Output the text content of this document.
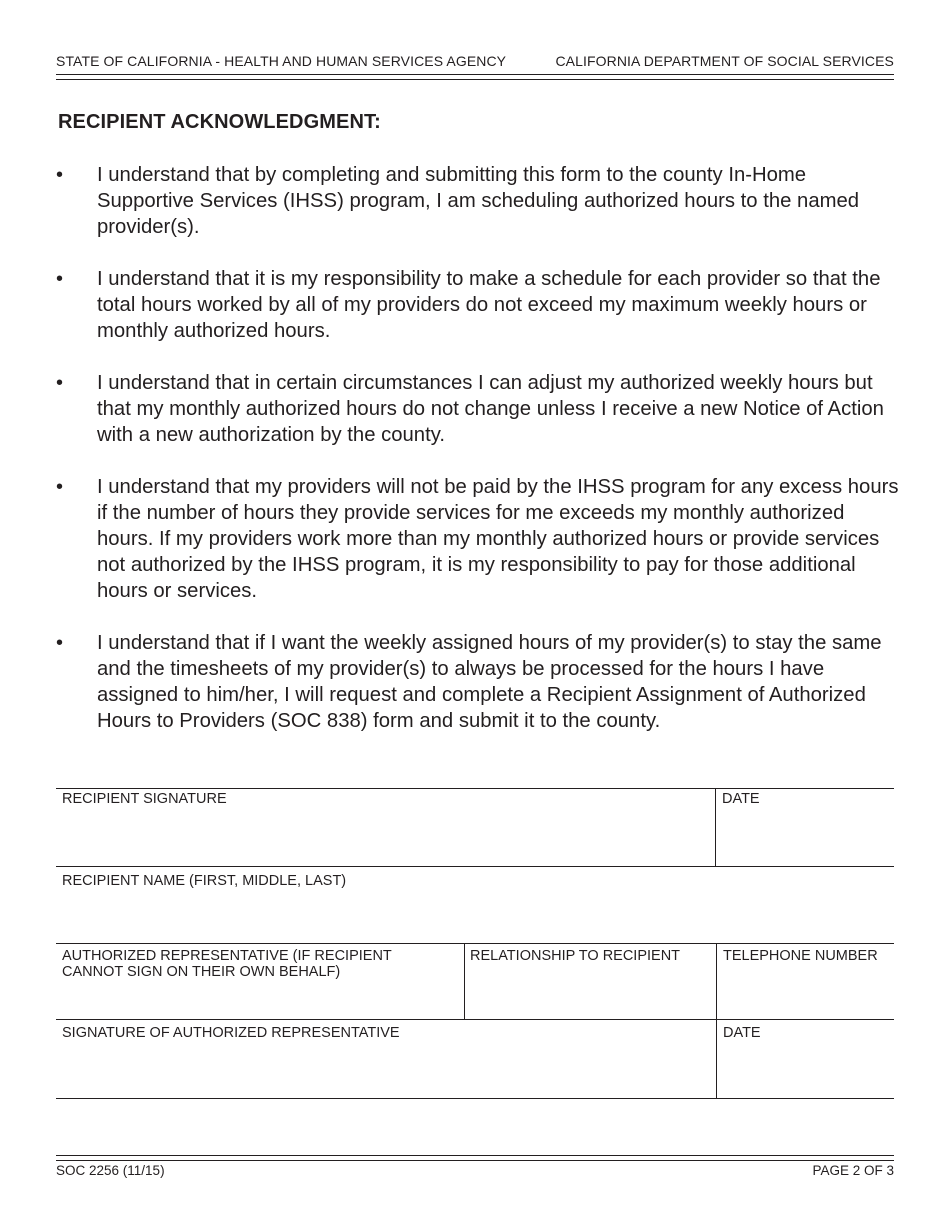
STATE OF CALIFORNIA - HEALTH AND HUMAN SERVICES AGENCY	CALIFORNIA DEPARTMENT OF SOCIAL SERVICES
RECIPIENT ACKNOWLEDGMENT:
• I understand that by completing and submitting this form to the county In-Home Supportive Services (IHSS) program, I am scheduling authorized hours to the named provider(s).
• I understand that it is my responsibility to make a schedule for each provider so that the total hours worked by all of my providers do not exceed my maximum weekly hours or monthly authorized hours.
• I understand that in certain circumstances I can adjust my authorized weekly hours but that my monthly authorized hours do not change unless I receive a new Notice of Action with a new authorization by the county.
• I understand that my providers will not be paid by the IHSS program for any excess hours if the number of hours they provide services for me exceeds my monthly authorized hours. If my providers work more than my monthly authorized hours or provide services not authorized by the IHSS program, it is my responsibility to pay for those additional hours or services.
• I understand that if I want the weekly assigned hours of my provider(s) to stay the same and the timesheets of my provider(s) to always be processed for the hours I have assigned to him/her, I will request and complete a Recipient Assignment of Authorized Hours to Providers (SOC 838) form and submit it to the county.
RECIPIENT SIGNATURE	DATE
RECIPIENT NAME (FIRST, MIDDLE, LAST)
AUTHORIZED REPRESENTATIVE (IF RECIPIENT
CANNOT SIGN ON THEIR OWN BEHALF)
RELATIONSHIP TO RECIPIENT	TELEPHONE NUMBER
SIGNATURE OF AUTHORIZED REPRESENTATIVE	DATE
SOC 2256 (11/15)	PAGE 2 OF 3
